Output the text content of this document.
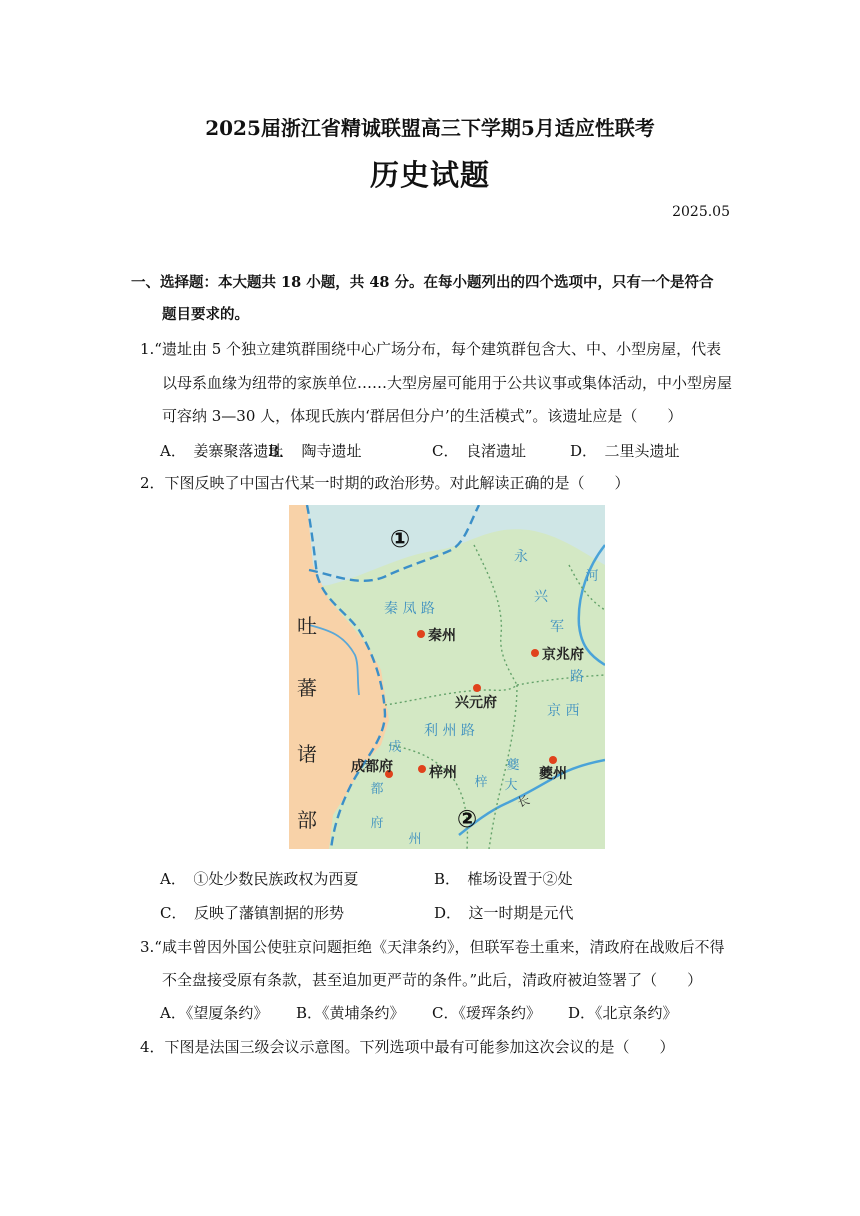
2025届浙江省精诚联盟高三下学期5月适应性联考
历史试题
2025.05
一、选择题：本大题共 18 小题，共 48 分。在每小题列出的四个选项中，只有一个是符合
题目要求的。
1.“遗址由 5 个独立建筑群围绕中心广场分布，每个建筑群包含大、中、小型房屋，代表
以母系血缘为纽带的家族单位……大型房屋可能用于公共议事或集体活动，中小型房屋
可容纳 3—30 人，体现氏族内‘群居但分户’的生活模式”。该遗址应是（　　）
A．　姜寨聚落遗址
B．　陶寺遗址	C．　良渚遗址	D．　二里头遗址
2．下图反映了中国古代某一时期的政治形势。对此解读正确的是（　　）
①
②
吐
蕃
诸
部
秦 凤 路
利 州 路
永
兴
军
路
京 西
河
成
都
府
梓
夔
大
长
州
秦州
京兆府
兴元府
成都府	梓州	夔州
A．　①处少数民族政权为西夏	B．　榷场设置于②处
C．　反映了藩镇割据的形势	D．　这一时期是元代
3.“咸丰曾因外国公使驻京问题拒绝《天津条约》，但联军卷土重来，清政府在战败后不得
不全盘接受原有条款，甚至追加更严苛的条件。”此后，清政府被迫签署了（　　）
A．《望厦条约》 B．《黄埔条约》 C．《瑷珲条约》 D．《北京条约》
4．下图是法国三级会议示意图。下列选项中最有可能参加这次会议的是（　　）
